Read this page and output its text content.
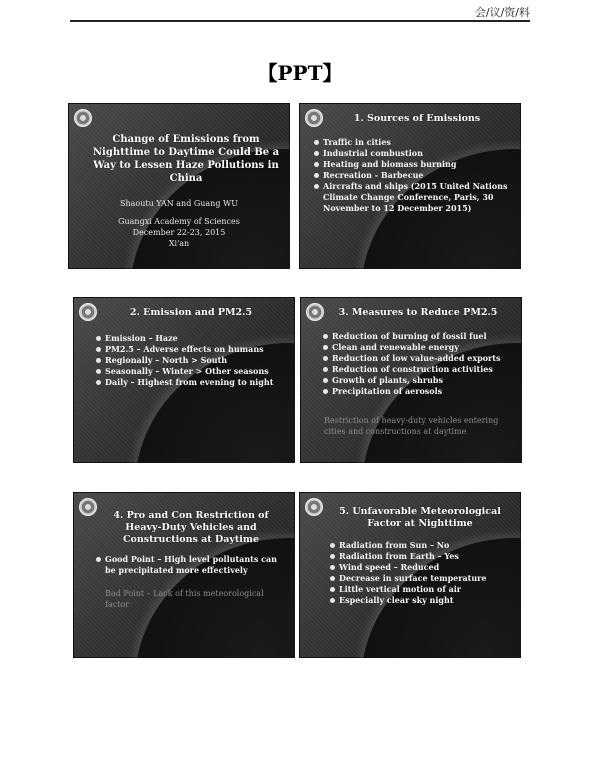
会/议/资/料
【PPT】
Change of Emissions from Nighttime to Daytime Could Be a Way to Lessen Haze Pollutions in China
Shaoutu YAN and Guang WU
Guangxi Academy of Sciences
December 22-23, 2015
Xi'an
1. Sources of Emissions
Traffic in cities
Industrial combustion
Heating and biomass burning
Recreation - Barbecue
Aircrafts and ships (2015 United Nations Climate Change Conference, Paris, 30 November to 12 December 2015)
2. Emission and PM2.5
Emission – Haze
PM2.5 – Adverse effects on humans
Regionally – North > South
Seasonally – Winter > Other seasons
Daily – Highest from evening to night
3. Measures to Reduce PM2.5
Reduction of burning of fossil fuel
Clean and renewable energy
Reduction of low value-added exports
Reduction of construction activities
Growth of plants, shrubs
Precipitation of aerosols
Restriction of heavy-duty vehicles entering cities and constructions at daytime
4. Pro and Con Restriction of Heavy-Duty Vehicles and Constructions at Daytime
Good Point – High level pollutants can be precipitated more effectively
Bad Point – Lack of this meteorological factor
5. Unfavorable Meteorological Factor at Nighttime
Radiation from Sun – No
Radiation from Earth – Yes
Wind speed – Reduced
Decrease in surface temperature
Little vertical motion of air
Especially clear sky night
